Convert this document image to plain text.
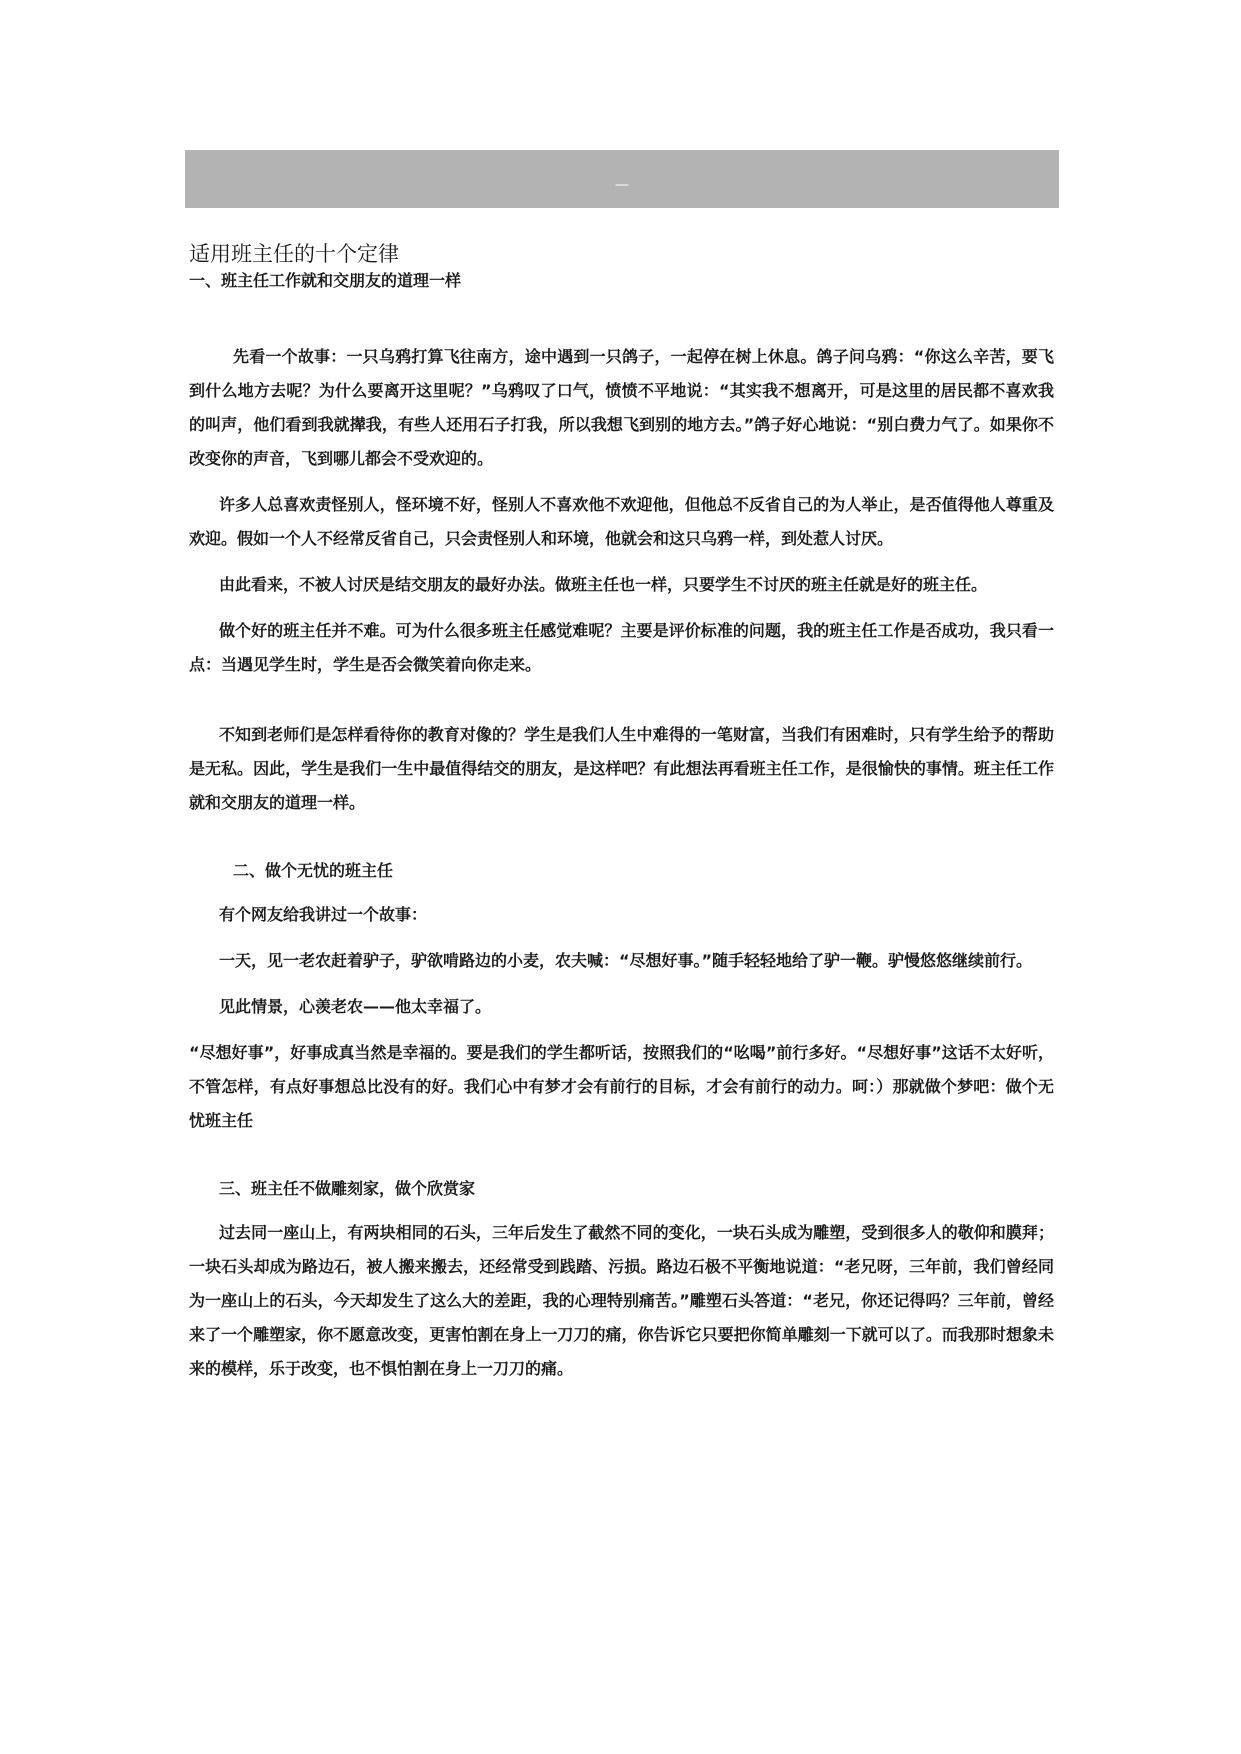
—
适用班主任的十个定律
一、班主任工作就和交朋友的道理一样

先看一个故事：一只乌鸦打算飞往南方，途中遇到一只鸽子，一起停在树上休息。鸽子问乌鸦：“你这么辛苦，要飞到什么地方去呢？为什么要离开这里呢？”乌鸦叹了口气，愤愤不平地说：“其实我不想离开，可是这里的居民都不喜欢我的叫声，他们看到我就撵我，有些人还用石子打我，所以我想飞到别的地方去。”鸽子好心地说：“别白费力气了。如果你不改变你的声音，飞到哪儿都会不受欢迎的。

许多人总喜欢责怪别人，怪环境不好，怪别人不喜欢他不欢迎他，但他总不反省自己的为人举止，是否值得他人尊重及欢迎。假如一个人不经常反省自己，只会责怪别人和环境，他就会和这只乌鸦一样，到处惹人讨厌。

由此看来，不被人讨厌是结交朋友的最好办法。做班主任也一样，只要学生不讨厌的班主任就是好的班主任。

做个好的班主任并不难。可为什么很多班主任感觉难呢？主要是评价标准的问题，我的班主任工作是否成功，我只看一点：当遇见学生时，学生是否会微笑着向你走来。

不知到老师们是怎样看待你的教育对像的？学生是我们人生中难得的一笔财富，当我们有困难时，只有学生给予的帮助是无私。因此，学生是我们一生中最值得结交的朋友，是这样吧？有此想法再看班主任工作，是很愉快的事情。班主任工作就和交朋友的道理一样。

二、做个无忧的班主任

有个网友给我讲过一个故事：

一天，见一老农赶着驴子，驴欲啃路边的小麦，农夫喊：“尽想好事。”随手轻轻地给了驴一鞭。驴慢悠悠继续前行。

见此情景，心羡老农——他太幸福了。

“尽想好事”，好事成真当然是幸福的。要是我们的学生都听话，按照我们的“吆喝”前行多好。“尽想好事”这话不太好听，不管怎样，有点好事想总比没有的好。我们心中有梦才会有前行的目标，才会有前行的动力。呵：）那就做个梦吧：做个无忧班主任

三、班主任不做雕刻家，做个欣赏家

过去同一座山上，有两块相同的石头，三年后发生了截然不同的变化，一块石头成为雕塑，受到很多人的敬仰和膜拜；一块石头却成为路边石，被人搬来搬去，还经常受到践踏、污损。路边石极不平衡地说道：“老兄呀，三年前，我们曾经同为一座山上的石头，今天却发生了这么大的差距，我的心理特别痛苦。”雕塑石头答道：“老兄，你还记得吗？三年前，曾经来了一个雕塑家，你不愿意改变，更害怕割在身上一刀刀的痛，你告诉它只要把你简单雕刻一下就可以了。而我那时想象未来的模样，乐于改变，也不惧怕割在身上一刀刀的痛。
